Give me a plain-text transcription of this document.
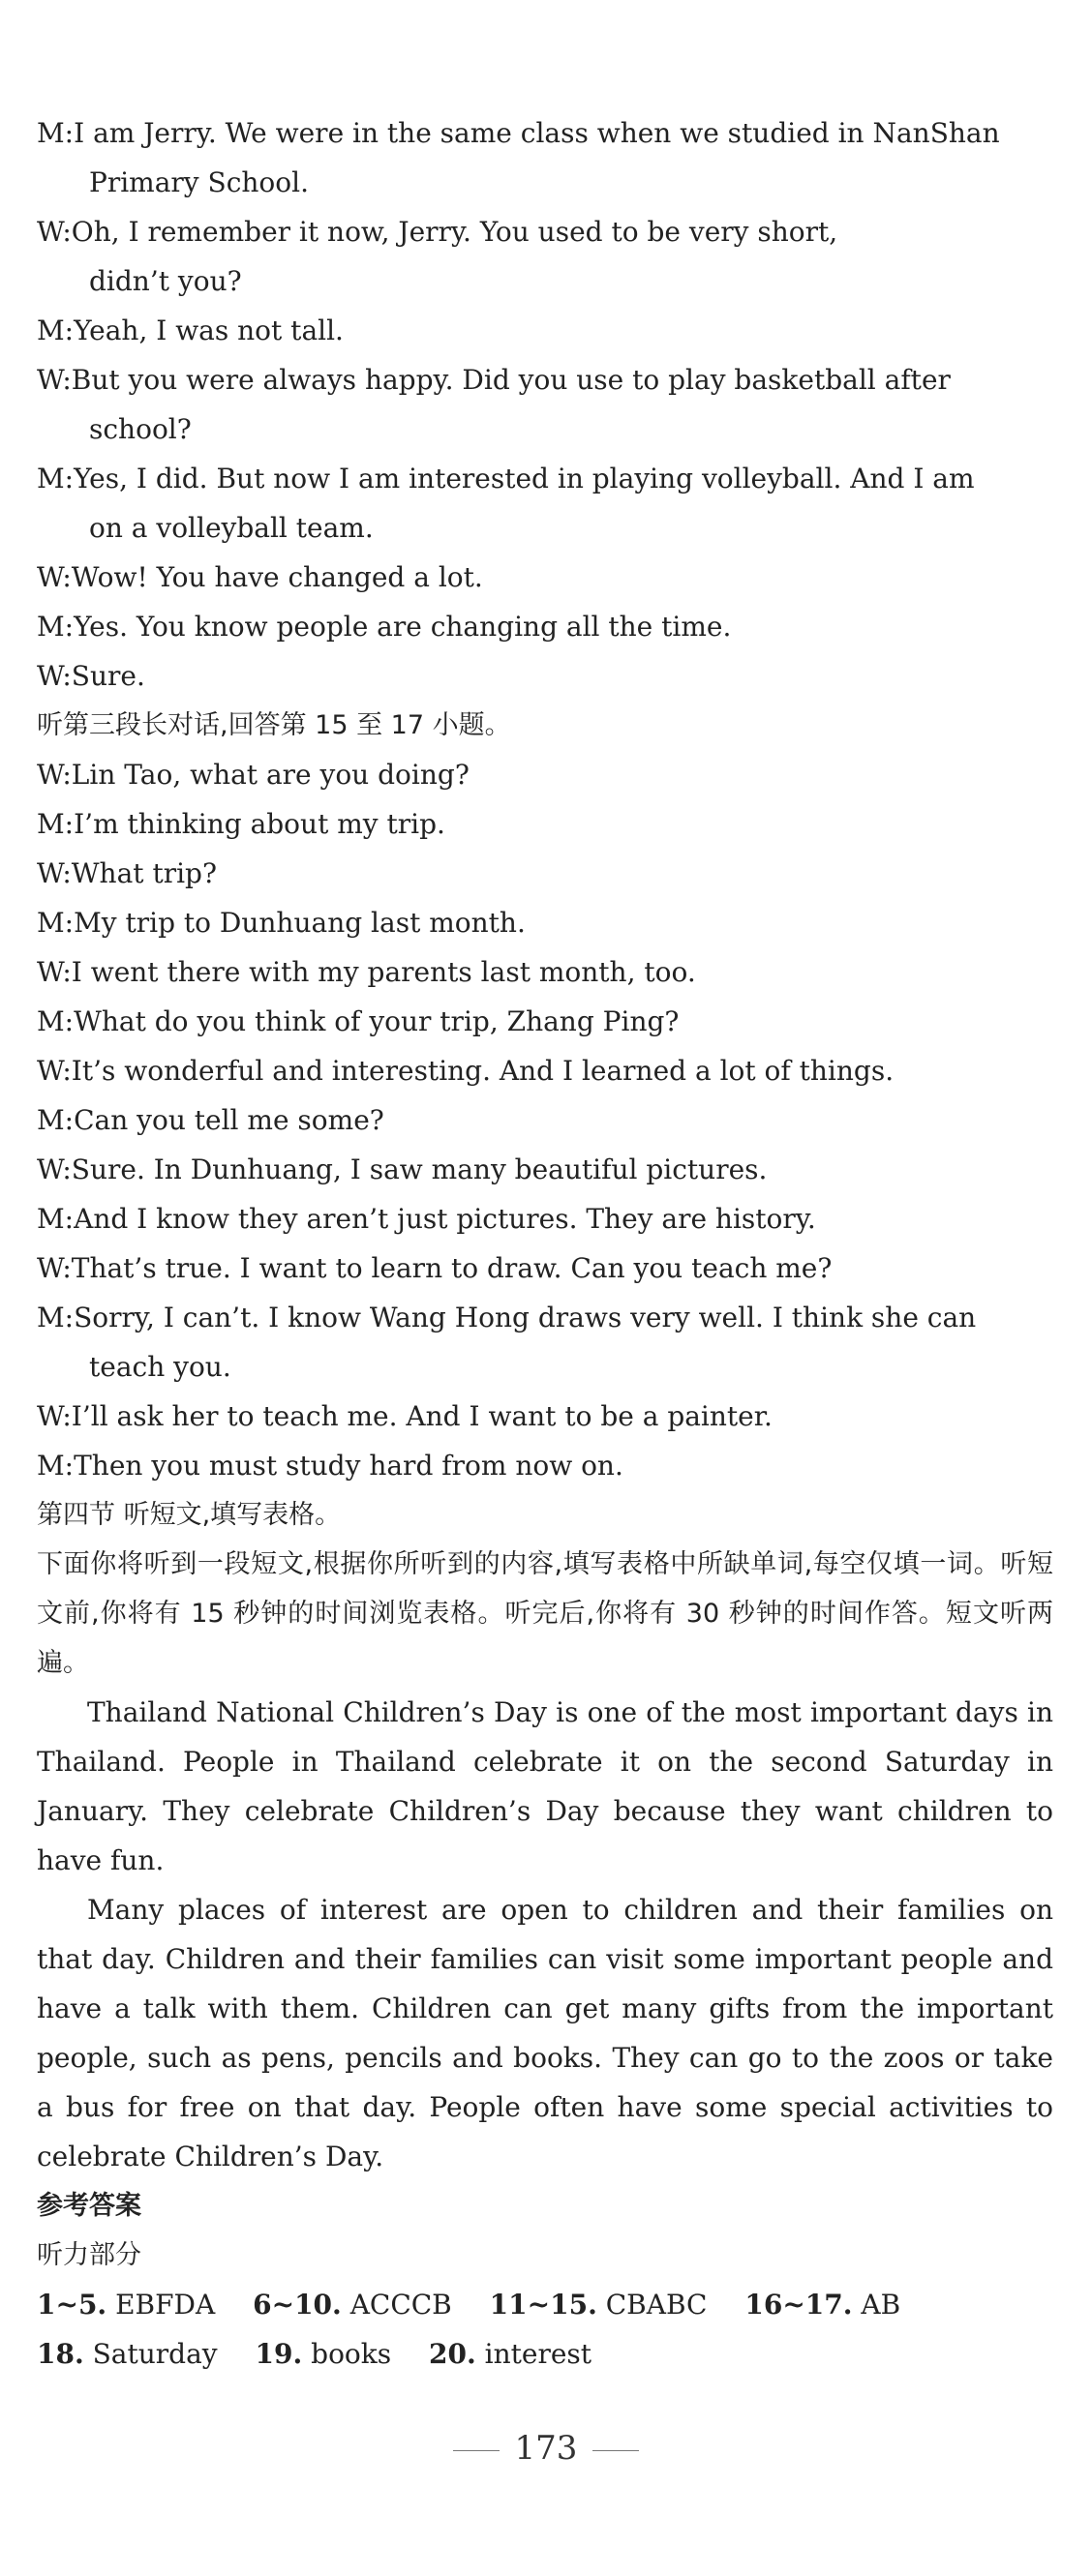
M:I am Jerry. We were in the same class when we studied in NanShan
Primary School.
W:Oh, I remember it now, Jerry. You used to be very short,
didn’t you?
M:Yeah, I was not tall.
W:But you were always happy. Did you use to play basketball after
school?
M:Yes, I did. But now I am interested in playing volleyball. And I am
on a volleyball team.
W:Wow! You have changed a lot.
M:Yes. You know people are changing all the time.
W:Sure.
听第三段长对话,回答第 15 至 17 小题。
W:Lin Tao, what are you doing?
M:I’m thinking about my trip.
W:What trip?
M:My trip to Dunhuang last month.
W:I went there with my parents last month, too.
M:What do you think of your trip, Zhang Ping?
W:It’s wonderful and interesting. And I learned a lot of things.
M:Can you tell me some?
W:Sure. In Dunhuang, I saw many beautiful pictures.
M:And I know they aren’t just pictures. They are history.
W:That’s true. I want to learn to draw. Can you teach me?
M:Sorry, I can’t. I know Wang Hong draws very well. I think she can
teach you.
W:I’ll ask her to teach me. And I want to be a painter.
M:Then you must study hard from now on.
第四节 听短文,填写表格。
下面你将听到一段短文,根据你所听到的内容,填写表格中所缺单词,每空仅填一词。听短文前,你将有 15 秒钟的时间浏览表格。听完后,你将有 30 秒钟的时间作答。短文听两遍。
Thailand National Children’s Day is one of the most important days in Thailand. People in Thailand celebrate it on the second Saturday in January. They celebrate Children’s Day because they want children to have fun.
Many places of interest are open to children and their families on that day. Children and their families can visit some important people and have a talk with them. Children can get many gifts from the important people, such as pens, pencils and books. They can go to the zoos or take a bus for free on that day. People often have some special activities to celebrate Children’s Day.
参考答案
听力部分
1~5. EBFDA 6~10. ACCCB 11~15. CBABC 16~17. AB
18. Saturday 19. books 20. interest
173
